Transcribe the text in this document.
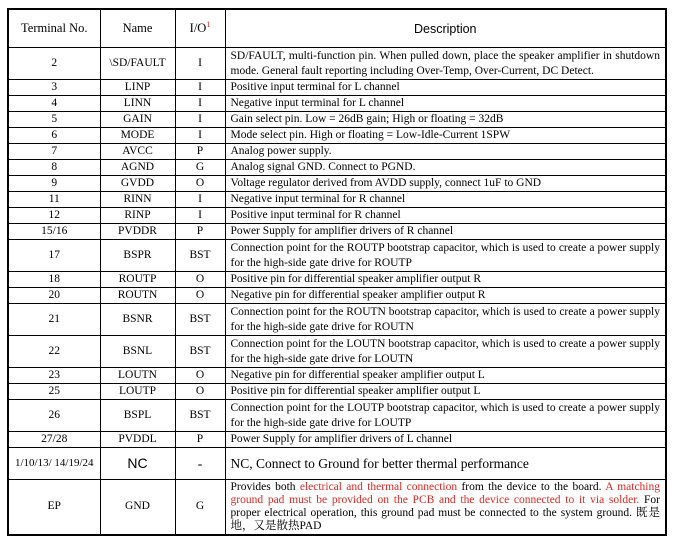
Terminal No.	Name	I/O$^1$	Description
2	\SD/FAULT	I	SD/FAULT, multi-function pin. When pulled down, place the speaker amplifier in shutdown mode. General fault reporting including Over-Temp, Over-Current, DC Detect.
3	LINP	I	Positive input terminal for L channel
4	LINN	I	Negative input terminal for L channel
5	GAIN	I	Gain select pin. Low = 26dB gain; High or floating = 32dB
6	MODE	I	Mode select pin. High or floating = Low-Idle-Current 1SPW
7	AVCC	P	Analog power supply.
8	AGND	G	Analog signal GND. Connect to PGND.
9	GVDD	O	Voltage regulator derived from AVDD supply, connect 1uF to GND
11	RINN	I	Negative input terminal for R channel
12	RINP	I	Positive input terminal for R channel
15/16	PVDDR	P	Power Supply for amplifier drivers of R channel
17	BSPR	BST	Connection point for the ROUTP bootstrap capacitor, which is used to create a power supply for the high-side gate drive for ROUTP
18	ROUTP	O	Positive pin for differential speaker amplifier output R
20	ROUTN	O	Negative pin for differential speaker amplifier output R
21	BSNR	BST	Connection point for the ROUTN bootstrap capacitor, which is used to create a power supply for the high-side gate drive for ROUTN
22	BSNL	BST	Connection point for the LOUTN bootstrap capacitor, which is used to create a power supply for the high-side gate drive for LOUTN
23	LOUTN	O	Negative pin for differential speaker amplifier output L
25	LOUTP	O	Positive pin for differential speaker amplifier output L
26	BSPL	BST	Connection point for the LOUTP bootstrap capacitor, which is used to create a power supply for the high-side gate drive for LOUTP
27/28	PVDDL	P	Power Supply for amplifier drivers of L channel
1/10/13/ 14/19/24	NC	-	NC, Connect to Ground for better thermal performance
EP	GND	G	Provides both electrical and thermal connection from the device to the board. A matching ground pad must be provided on the PCB and the device connected to it via solder. For proper electrical operation, this ground pad must be connected to the system ground. 既是地，又是散热PAD
